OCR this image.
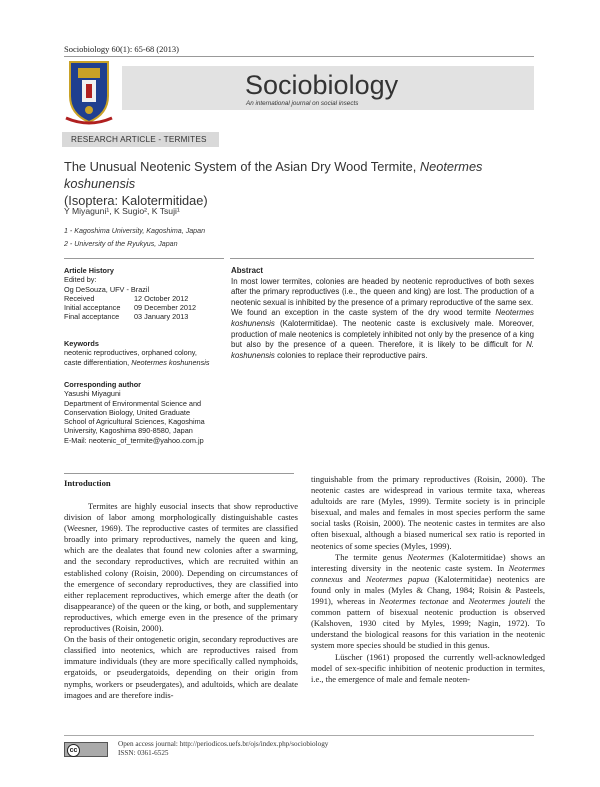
Sociobiology 60(1): 65-68 (2013)
Sociobiology
An international journal on social insects
RESEARCH ARTICLE - TERMITES
The Unusual Neotenic System of the Asian Dry Wood Termite, Neotermes koshunensis
(Isoptera: Kalotermitidae)
Y Miyaguni¹, K Sugio², K Tsuji¹
1 - Kagoshima University, Kagoshima, Japan
2 - University of the Ryukyus, Japan
Article History
Edited by:
Og DeSouza, UFV - Brazil
Received	12 October 2012
Initial acceptance	09 December 2012
Final acceptance	03 January 2013
Keywords
neotenic reproductives, orphaned colony,
caste differentiation, Neotermes koshunensis
Corresponding author
Yasushi Miyaguni
Department of Environmental Science and
Conservation Biology, United Graduate
School of Agricultural Sciences, Kagoshima
University, Kagoshima 890-8580, Japan
E-Mail: neotenic_of_termite@yahoo.com.jp
Abstract

In most lower termites, colonies are headed by neotenic reproductives of both sexes after the primary reproductives (i.e., the queen and king) are lost. The production of a neotenic sexual is inhibited by the presence of a primary reproductive of the same sex.

We found an exception in the caste system of the dry wood termite Neotermes koshunensis (Kalotermitidae). The neotenic caste is exclusively male. Moreover, production of male neotenics is completely inhibited not only by the presence of a king but also by the presence of a queen. Therefore, it is likely to be difficult for N. koshunensis colonies to replace their reproductive pairs.

Introduction

Termites are highly eusocial insects that show reproductive division of labor among morphologically distinguishable castes (Weesner, 1969). The reproductive castes of termites are classified broadly into primary reproductives, namely the queen and king, which are the dealates that found new colonies after a swarming, and the secondary reproductives, which are recruited within an established colony (Roisin, 2000). Depending on circumstances of the emergence of secondary reproductives, they are classified into either replacement reproductives, which emerge after the death (or disappearance) of the queen or the king, or both, and supplementary reproductives, which emerge even in the presence of the primary reproductives (Roisin, 2000).

On the basis of their ontogenetic origin, secondary reproductives are classified into neotenics, which are reproductives raised from immature individuals (they are more specifically called nymphoids, ergatoids, or pseudergatoids, depending on their origin from nymphs, workers or pseudergates), and adultoids, which are dealate imagoes and are therefore indis-

tinguishable from the primary reproductives (Roisin, 2000). The neotenic castes are widespread in various termite taxa, whereas adultoids are rare (Myles, 1999). Termite society is in principle bisexual, and males and females in most species perform the same social tasks (Roisin, 2000). The neotenic castes in termites are also often bisexual, although a biased numerical sex ratio is reported in neotenics of some species (Myles, 1999).

The termite genus Neotermes (Kalotermitidae) shows an interesting diversity in the neotenic caste system. In Neotermes connexus and Neotermes papua (Kalotermitidae) neotenics are found only in males (Myles & Chang, 1984; Roisin & Pasteels, 1991), whereas in Neotermes tectonae and Neotermes jouteli the common pattern of bisexual neotenic production is observed (Kalshoven, 1930 cited by Myles, 1999; Nagin, 1972). To understand the biological reasons for this variation in the neotenic system more species should be studied in this genus.

Lüscher (1961) proposed the currently well-acknowledged model of sex-specific inhibition of neotenic production in termites, i.e., the emergence of male and female neoten-

cc
Open access journal: http://periodicos.uefs.br/ojs/index.php/sociobiology
ISSN: 0361-6525
